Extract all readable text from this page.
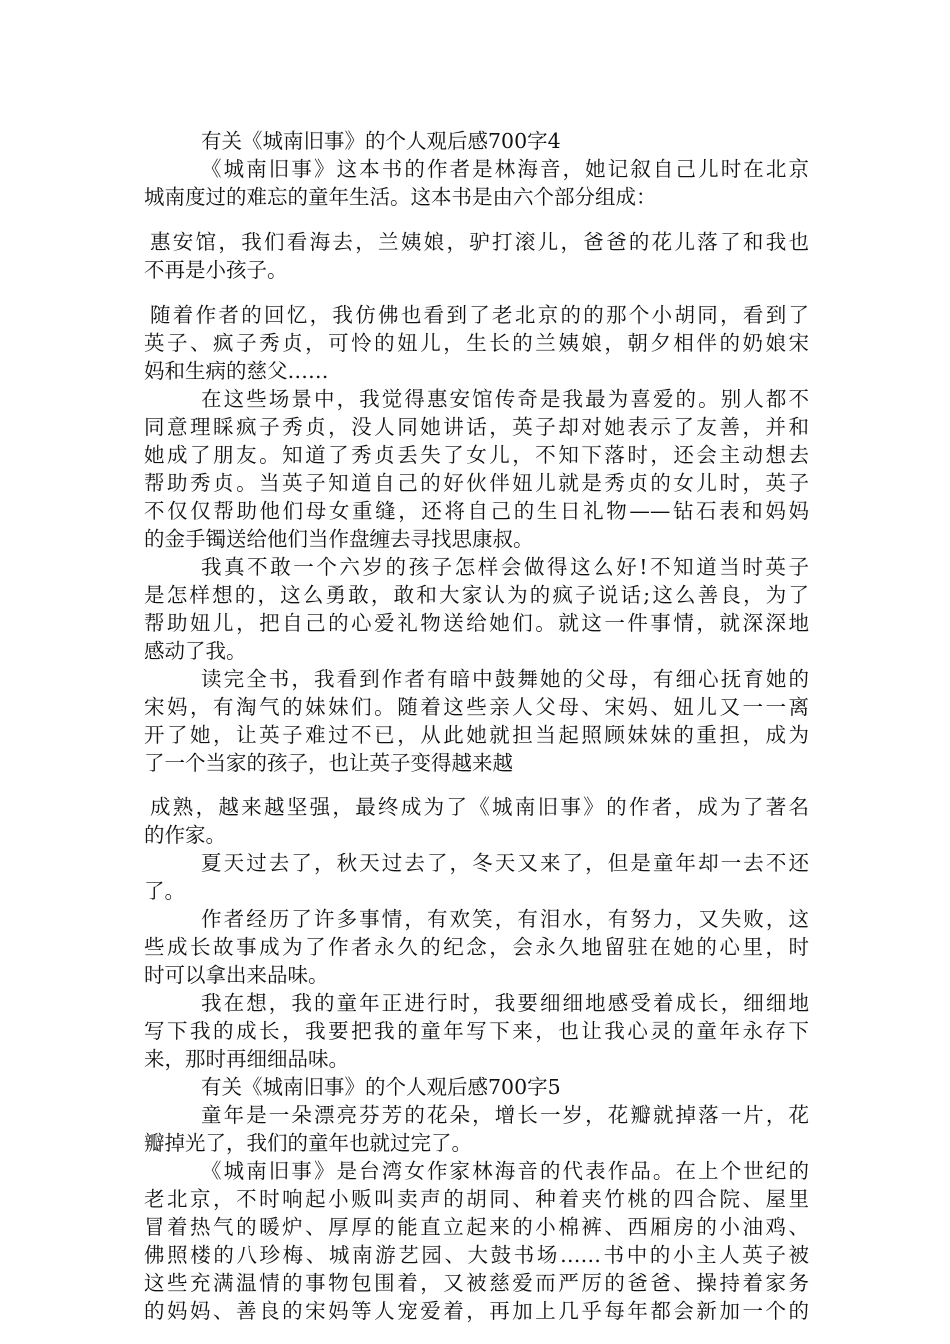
有关《城南旧事》的个人观后感700字4
《城南旧事》这本书的作者是林海音，她记叙自己儿时在北京
城南度过的难忘的童年生活。这本书是由六个部分组成：
惠安馆，我们看海去，兰姨娘，驴打滚儿，爸爸的花儿落了和我也
不再是小孩子。
随着作者的回忆，我仿佛也看到了老北京的的那个小胡同，看到了
英子、疯子秀贞，可怜的妞儿，生长的兰姨娘，朝夕相伴的奶娘宋
妈和生病的慈父……
在这些场景中，我觉得惠安馆传奇是我最为喜爱的。别人都不
同意理睬疯子秀贞，没人同她讲话，英子却对她表示了友善，并和
她成了朋友。知道了秀贞丢失了女儿，不知下落时，还会主动想去
帮助秀贞。当英子知道自己的好伙伴妞儿就是秀贞的女儿时，英子
不仅仅帮助他们母女重缝，还将自己的生日礼物——钻石表和妈妈
的金手镯送给他们当作盘缠去寻找思康叔。
我真不敢一个六岁的孩子怎样会做得这么好!不知道当时英子
是怎样想的，这么勇敢，敢和大家认为的疯子说话;这么善良，为了
帮助妞儿，把自己的心爱礼物送给她们。就这一件事情，就深深地
感动了我。
读完全书，我看到作者有暗中鼓舞她的父母，有细心抚育她的
宋妈，有淘气的妹妹们。随着这些亲人父母、宋妈、妞儿又一一离
开了她，让英子难过不已，从此她就担当起照顾妹妹的重担，成为
了一个当家的孩子，也让英子变得越来越
成熟，越来越坚强，最终成为了《城南旧事》的作者，成为了著名
的作家。
夏天过去了，秋天过去了，冬天又来了，但是童年却一去不还
了。
作者经历了许多事情，有欢笑，有泪水，有努力，又失败，这
些成长故事成为了作者永久的纪念，会永久地留驻在她的心里，时
时可以拿出来品味。
我在想，我的童年正进行时，我要细细地感受着成长，细细地
写下我的成长，我要把我的童年写下来，也让我心灵的童年永存下
来，那时再细细品味。
有关《城南旧事》的个人观后感700字5
童年是一朵漂亮芬芳的花朵，增长一岁，花瓣就掉落一片，花
瓣掉光了，我们的童年也就过完了。
《城南旧事》是台湾女作家林海音的代表作品。在上个世纪的
老北京，不时响起小贩叫卖声的胡同、种着夹竹桃的四合院、屋里
冒着热气的暖炉、厚厚的能直立起来的小棉裤、西厢房的小油鸡、
佛照楼的八珍梅、城南游艺园、大鼓书场……书中的小主人英子被
这些充满温情的事物包围着，又被慈爱而严厉的爸爸、操持着家务
的妈妈、善良的宋妈等人宠爱着，再加上几乎每年都会新加一个的
